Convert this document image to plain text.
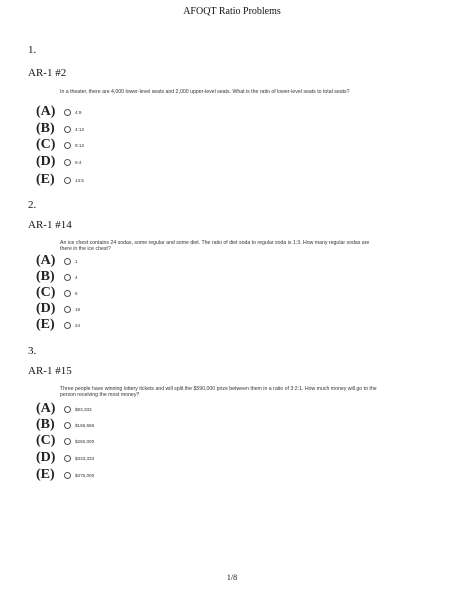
AFOQT Ratio Problems
1.
AR-1 #2
In a theater, there are 4,000 lower-level seats and 2,000 upper-level seats. What is the ratio of lower-level seats to total seats?
(A)	4:9
(B)	4:13
(C)	9:13
(D)	9:4
(E)	13:5
2.
AR-1 #14
An ice chest contains 24 sodas, some regular and some diet. The ratio of diet soda to regular soda is 1:3. How many regular sodas are there in the ice chest?
(A)	1
(B)	4
(C)	6
(D)	18
(E)	24
3.
AR-1 #15
Three people have winning lottery tickets and will split the $590,000 prize between them in a ratio of 3:2:1. How much money will go to the person receiving the most money?
(A)	$83,333
(B)	$166,666
(C)	$250,000
(D)	$333,333
(E)	$375,000
1/8
